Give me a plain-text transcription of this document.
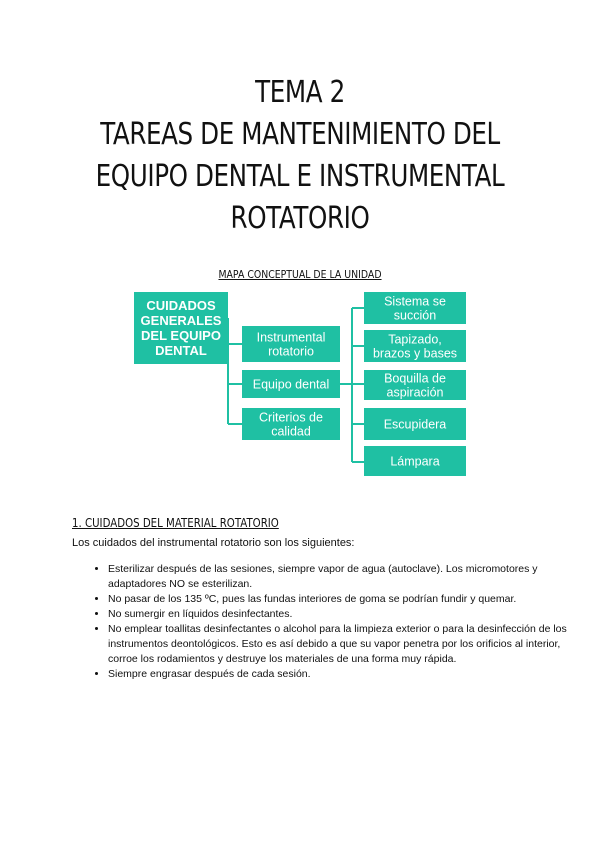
TEMA 2
TAREAS DE MANTENIMIENTO DEL
EQUIPO DENTAL E INSTRUMENTAL
ROTATORIO
MAPA CONCEPTUAL DE LA UNIDAD
CUIDADOS
GENERALES
DEL EQUIPO
DENTAL
Instrumental
rotatorio
Equipo dental
Criterios de
calidad
Sistema se
succión
Tapizado,
brazos y bases
Boquilla de
aspiración
Escupidera
Lámpara
1. CUIDADOS DEL MATERIAL ROTATORIO
Los cuidados del instrumental rotatorio son los siguientes:
• Esterilizar después de las sesiones, siempre vapor de agua (autoclave). Los micromotores y adaptadores NO se esterilizan.
• No pasar de los 135 ºC, pues las fundas interiores de goma se podrían fundir y quemar.
• No sumergir en líquidos desinfectantes.
• No emplear toallitas desinfectantes o alcohol para la limpieza exterior o para la desinfección de los instrumentos deontológicos. Esto es así debido a que su vapor penetra por los orificios al interior, corroe los rodamientos y destruye los materiales de una forma muy rápida.
• Siempre engrasar después de cada sesión.
